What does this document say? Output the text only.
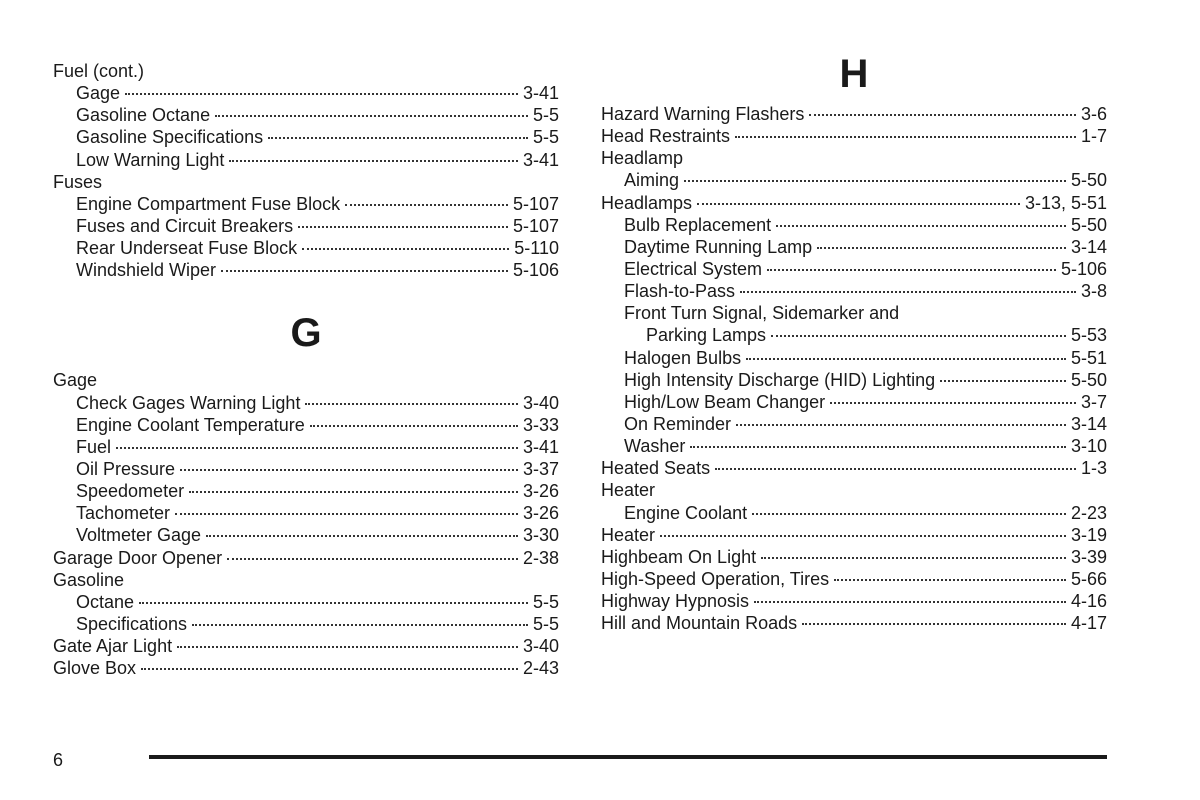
Fuel (cont.)
Gage	3-41
Gasoline Octane	5-5
Gasoline Specifications	5-5
Low Warning Light	3-41
Fuses
Engine Compartment Fuse Block	5-107
Fuses and Circuit Breakers	5-107
Rear Underseat Fuse Block	5-110
Windshield Wiper	5-106
G
Gage
Check Gages Warning Light	3-40
Engine Coolant Temperature	3-33
Fuel	3-41
Oil Pressure	3-37
Speedometer	3-26
Tachometer	3-26
Voltmeter Gage	3-30
Garage Door Opener	2-38
Gasoline
Octane	5-5
Specifications	5-5
Gate Ajar Light	3-40
Glove Box	2-43
H
Hazard Warning Flashers	3-6
Head Restraints	1-7
Headlamp
Aiming	5-50
Headlamps	3-13, 5-51
Bulb Replacement	5-50
Daytime Running Lamp	3-14
Electrical System	5-106
Flash-to-Pass	3-8
Front Turn Signal, Sidemarker and
Parking Lamps	5-53
Halogen Bulbs	5-51
High Intensity Discharge (HID) Lighting	5-50
High/Low Beam Changer	3-7
On Reminder	3-14
Washer	3-10
Heated Seats	1-3
Heater
Engine Coolant	2-23
Heater	3-19
Highbeam On Light	3-39
High-Speed Operation, Tires	5-66
Highway Hypnosis	4-16
Hill and Mountain Roads	4-17
6
